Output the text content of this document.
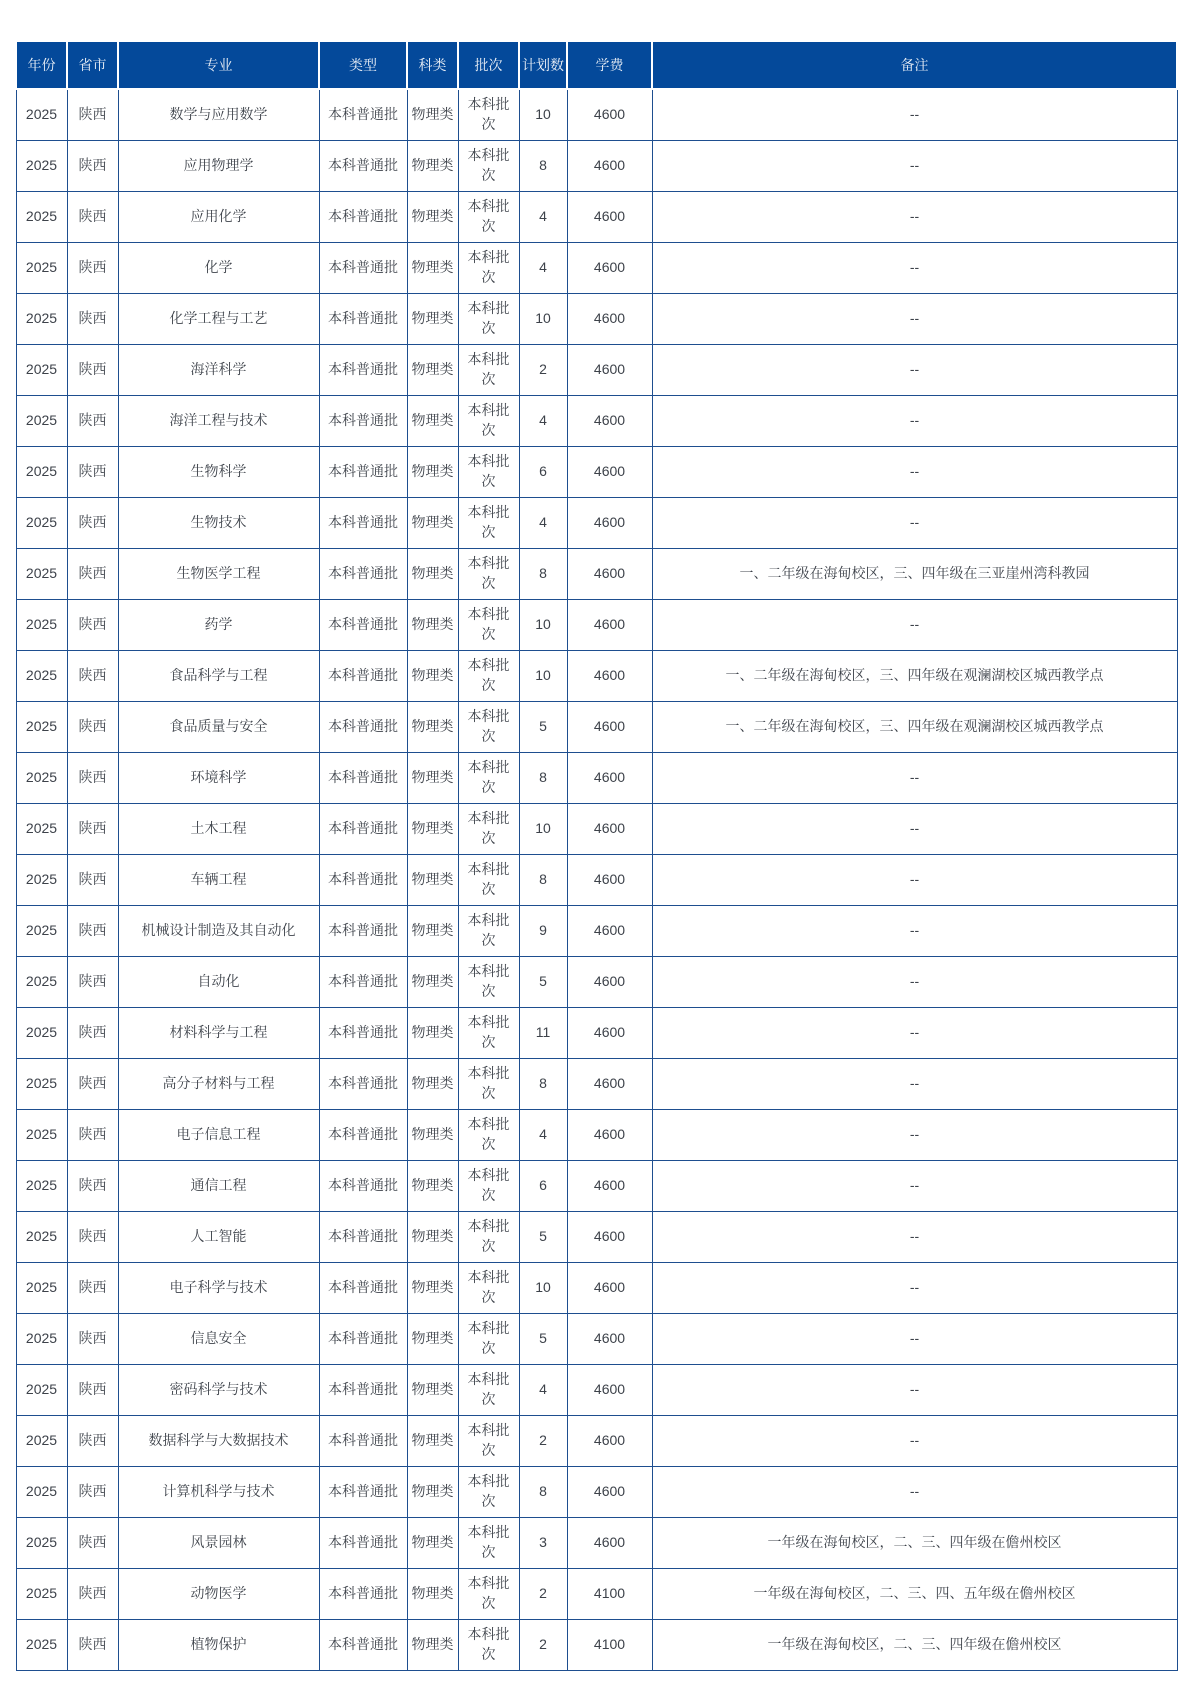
年份	省市	专业	类型	科类	批次	计划数	学费	备注
2025	陕西	数学与应用数学	本科普通批	物理类	本科批次	10	4600	--
2025	陕西	应用物理学	本科普通批	物理类	本科批次	8	4600	--
2025	陕西	应用化学	本科普通批	物理类	本科批次	4	4600	--
2025	陕西	化学	本科普通批	物理类	本科批次	4	4600	--
2025	陕西	化学工程与工艺	本科普通批	物理类	本科批次	10	4600	--
2025	陕西	海洋科学	本科普通批	物理类	本科批次	2	4600	--
2025	陕西	海洋工程与技术	本科普通批	物理类	本科批次	4	4600	--
2025	陕西	生物科学	本科普通批	物理类	本科批次	6	4600	--
2025	陕西	生物技术	本科普通批	物理类	本科批次	4	4600	--
2025	陕西	生物医学工程	本科普通批	物理类	本科批次	8	4600	一、二年级在海甸校区，三、四年级在三亚崖州湾科教园
2025	陕西	药学	本科普通批	物理类	本科批次	10	4600	--
2025	陕西	食品科学与工程	本科普通批	物理类	本科批次	10	4600	一、二年级在海甸校区，三、四年级在观澜湖校区城西教学点
2025	陕西	食品质量与安全	本科普通批	物理类	本科批次	5	4600	一、二年级在海甸校区，三、四年级在观澜湖校区城西教学点
2025	陕西	环境科学	本科普通批	物理类	本科批次	8	4600	--
2025	陕西	土木工程	本科普通批	物理类	本科批次	10	4600	--
2025	陕西	车辆工程	本科普通批	物理类	本科批次	8	4600	--
2025	陕西	机械设计制造及其自动化	本科普通批	物理类	本科批次	9	4600	--
2025	陕西	自动化	本科普通批	物理类	本科批次	5	4600	--
2025	陕西	材料科学与工程	本科普通批	物理类	本科批次	11	4600	--
2025	陕西	高分子材料与工程	本科普通批	物理类	本科批次	8	4600	--
2025	陕西	电子信息工程	本科普通批	物理类	本科批次	4	4600	--
2025	陕西	通信工程	本科普通批	物理类	本科批次	6	4600	--
2025	陕西	人工智能	本科普通批	物理类	本科批次	5	4600	--
2025	陕西	电子科学与技术	本科普通批	物理类	本科批次	10	4600	--
2025	陕西	信息安全	本科普通批	物理类	本科批次	5	4600	--
2025	陕西	密码科学与技术	本科普通批	物理类	本科批次	4	4600	--
2025	陕西	数据科学与大数据技术	本科普通批	物理类	本科批次	2	4600	--
2025	陕西	计算机科学与技术	本科普通批	物理类	本科批次	8	4600	--
2025	陕西	风景园林	本科普通批	物理类	本科批次	3	4600	一年级在海甸校区，二、三、四年级在儋州校区
2025	陕西	动物医学	本科普通批	物理类	本科批次	2	4100	一年级在海甸校区，二、三、四、五年级在儋州校区
2025	陕西	植物保护	本科普通批	物理类	本科批次	2	4100	一年级在海甸校区，二、三、四年级在儋州校区
